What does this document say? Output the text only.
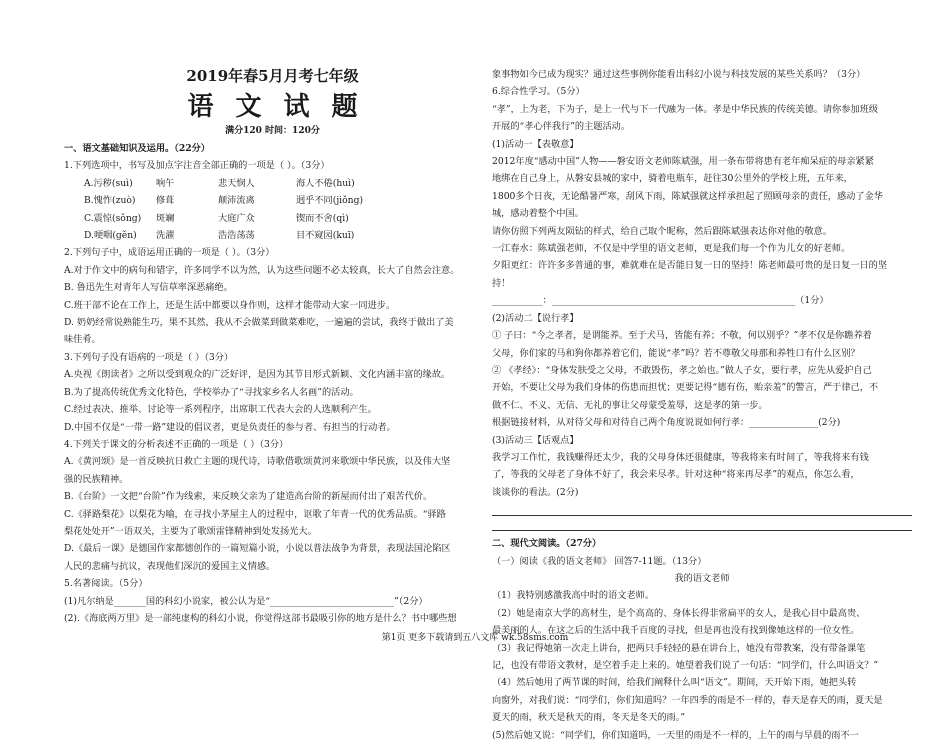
2019年春5月月考七年级
语文试题
满分120 时间：120分
一、语文基础知识及运用。（22分）
1.下列选项中，书写及加点字注音全部正确的一项是（ ）。（3分）
A.污秽(suì)	响午	悲天悯人	海人不倦(huì)
B.愧怍(zuò) 修葺	颠沛流离	迥乎不同(jiǒng)
C.震惊(sǒng) 斑斓	大庭广众	锲而不舍(qì)
D.哽咽(gěn) 洗濯	浩浩荡荡	目不窥园(kuī)
2.下列句子中，成语运用正确的一项是（ ）。（3分）
A.对于作文中的病句和错字，许多同学不以为然，认为这些问题不必太较真，长大了自然会注意。
B. 鲁迅先生对青年人写信草率深恶痛绝。
C.班干部不论在工作上，还是生活中都要以身作则，这样才能带动大家一同进步。
D. 奶奶经常说熟能生巧，果不其然，我从不会做菜到做菜难吃，一遍遍的尝试，我终于做出了美
味佳肴。
3.下列句子没有语病的一项是（ ）（3分）
A.央视《朗读者》之所以受到观众的广泛好评，是因为其节目形式新颖、文化内涵丰富的缘故。
B.为了提高传统优秀文化特色，学校举办了“寻找家乡名人名画”的活动。
C.经过表决、推举、讨论等一系列程序，出席职工代表大会的人选顺利产生。
D.中国不仅是“一带一路”建设的倡议者，更是负责任的参与者、有担当的行动者。
4.下列关于课文的分析表述不正确的一项是（ ）（3分）
A.《黄河颂》是一首反映抗日救亡主题的现代诗，诗歌借歌颂黄河来歌颂中华民族，以及伟大坚
强的民族精神。
B.《台阶》一文把“台阶”作为线索，来反映父亲为了建造高台阶的新屋而付出了艰苦代价。
C.《驿路梨花》以梨花为喻，在寻找小茅屋主人的过程中，讴歌了年青一代的优秀品质。“驿路
梨花处处开”一语双关，主要为了歌颂雷锋精神到处发扬光大。
D.《最后一课》是德国作家都德创作的一篇短篇小说，小说以普法战争为背景，表现法国沦陷区
人民的悲痛与抗议，表现他们深沉的爱国主义情感。
5.名著阅读。（5分）
(1)凡尔纳是_______国的科幻小说家，被公认为是“___________________________”（2分）
(2).《海底两万里》是一部纯虚构的科幻小说，你觉得这部书最吸引你的地方是什么？书中哪些想
象事物如今已成为现实？通过这些事例你能看出科幻小说与科技发展的某些关系吗？（3分）
6.综合性学习。（5分）
“孝”，上为老，下为子，是上一代与下一代融为一体。孝是中华民族的传统美德。请你参加班级
开展的“孝心伴我行”的主题活动。
(1)活动一【表敬意】
2012年度“感动中国”人物——磐安语文老师陈斌强，用一条布带将患有老年痴呆症的母亲紧紧
地绑在自己身上，从磐安县城的家中，骑着电瓶车，赶往30公里外的学校上班，五年来，
1800多个日夜，无论酷暑严寒，刮风下雨，陈斌强就这样承担起了照顾母亲的责任，感动了金华
城，感动着整个中国。
请你仿照下列两友陨钻的样式，给自己取个昵称，然后跟陈斌强表达你对他的敬意。
一江春水：陈斌强老师，不仅是中学里的语文老师，更是我们每一个作为儿女的好老师。
夕阳更红：许许多多普通的事，难就难在是否能日复一日的坚持！陈老师最可贵的是日复一日的坚
持！
___________：_____________________________________________________（1分）
(2)活动二【说行孝】
① 子曰：“今之孝者，是谓能养。至于犬马，皆能有养；不敬，何以别乎？”孝不仅是你瞻养着
父母，你们家的马和狗你都养着它们，能说“孝”吗？若不尊敬父母那和养牲口有什么区别？
② 《孝经》：“身体发肤受之父母，不敢毁伤，孝之始也。”做人子女，要行孝，应先从爱护自己
开始，不要让父母为我们身体的伤患而担忧；更要记得“德有伤，贻亲羞”的警言，严于律己，不
做不仁、不义、无信、无礼的事让父母蒙受羞辱，这是孝的第一步。
根据链接材料，从对待父母和对待自己两个角度说说如何行孝：_______________(2分)
(3)活动三【话观点】
我学习工作忙，我钱赚得还太少，我的父母身体还很健康，等我将来有时间了，等我将来有钱
了，等我的父母老了身体不好了，我会来尽孝。针对这种“将来再尽孝”的观点，你怎么看，
谈谈你的看法。(2分)
二、现代文阅读。（27分）
（一）阅读《我的语文老师》 回答7-11题。（13分）
我的语文老师
（1）我特别感激我高中时的语文老师。
（2）她是南京大学的高材生，是个高高的、身体长得非常扁平的女人，是我心目中最高贵、
最美丽的人。在这之后的生活中我千百度的寻找，但是再也没有找到像她这样的一位女性。
（3）我记得她第一次走上讲台，把两只手轻轻的悬在讲台上，她没有带教案，没有带备课笔
记，也没有带语文教材，是空着手走上来的。她望着我们说了一句话：“同学们，什么叫语文？”
（4）然后她用了两节课的时间，给我们阐释什么叫“语文”。期间，天开始下雨，她把头转
向窗外，对我们说：“同学们，你们知道吗？一年四季的雨是不一样的，春天是春天的雨，夏天是
夏天的雨，秋天是秋天的雨，冬天是冬天的雨。”
(5)然后她又说：“同学们，你们知道吗，一天里的雨是不一样的，上午的雨与早晨的雨不一
第1页 更多下载请到五八文库 wk.58sms.com
